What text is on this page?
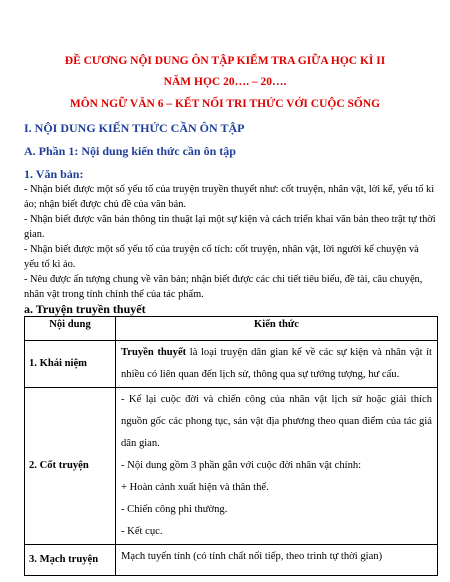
ĐỀ CƯƠNG NỘI DUNG ÔN TẬP KIỂM TRA GIỮA HỌC KÌ II
NĂM HỌC 20…. – 20….
MÔN NGỮ VĂN 6 – KẾT NỐI TRI THỨC VỚI CUỘC SỐNG
I. NỘI DUNG KIẾN THỨC CẦN ÔN TẬP
A. Phần 1: Nội dung kiến thức cần ôn tập
1. Văn bản:
- Nhận biết được một số yếu tố của truyện truyền thuyết như: cốt truyện, nhân vật, lời kể, yếu tố kì ảo; nhận biết được chủ đề của văn bản.
- Nhận biết được văn bản thông tin thuật lại một sự kiện và cách triển khai văn bản theo trật tự thời gian.
a. Truyện truyền thuyết
Nội dung	Kiến thức
1. Khái niệm	Truyền thuyết là loại truyện dân gian kể về các sự kiện và nhân vật ít nhiều có liên quan đến lịch sử, thông qua sự tưởng tượng, hư cấu.
2. Cốt truyện	- Kể lại cuộc đời và chiến công của nhân vật lịch sử hoặc giải thích nguồn gốc các phong tục, sản vật địa phương theo quan điểm của tác giả dân gian.
- Nội dung gồm 3 phần gắn với cuộc đời nhân vật chính:
+ Hoàn cảnh xuất hiện và thân thế.
- Chiến công phi thường.
- Kết cục.

3. Mạch truyện	Mạch tuyến tính (có tính chất nối tiếp, theo trình tự thời gian)
- Nhận biết được một số yếu tố của truyện cổ tích: cốt truyện, nhân vật, lời người kể chuyện và yếu tố kì ảo.
- Nêu được ấn tượng chung về văn bản; nhận biết được các chi tiết tiêu biểu, đề tài, câu chuyện, nhân vật trong tính chỉnh thể của tác phẩm.
